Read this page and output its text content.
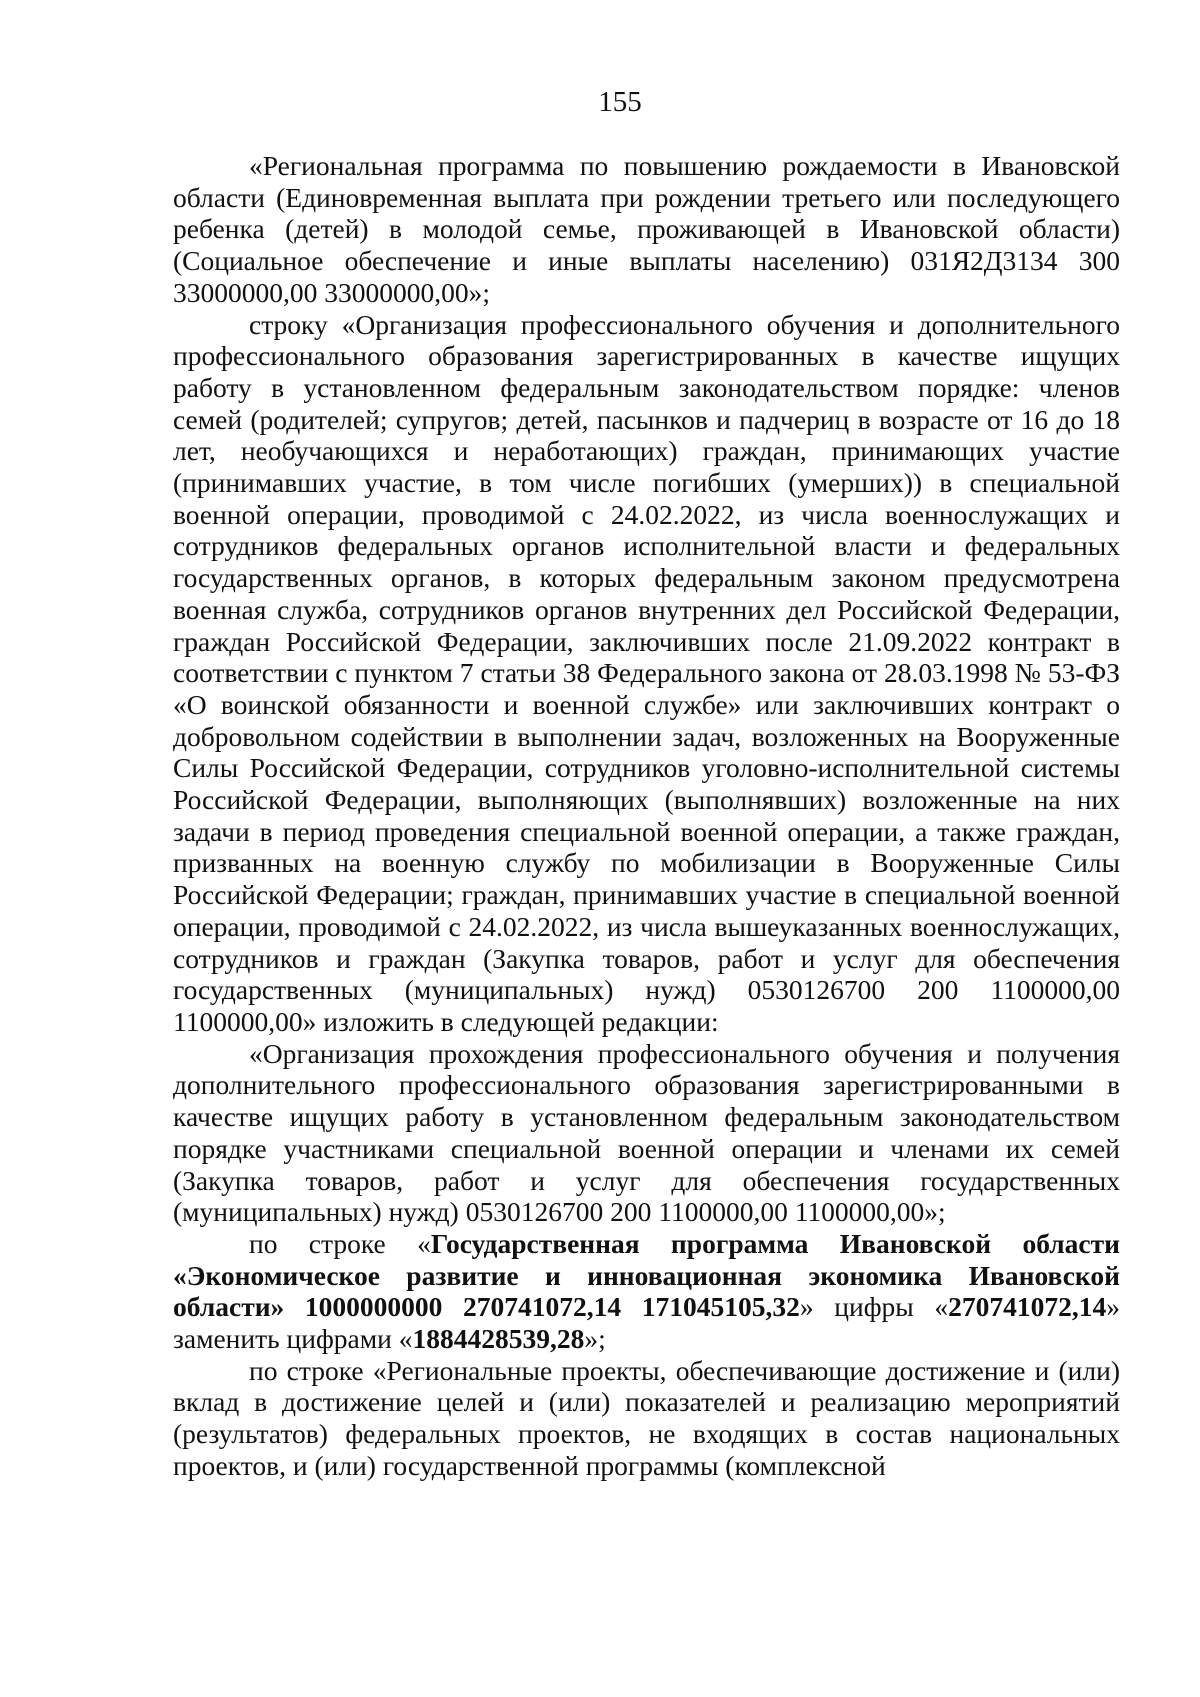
155

«Региональная программа по повышению рождаемости в Ивановской области (Единовременная выплата при рождении третьего или последующего ребенка (детей) в молодой семье, проживающей в Ивановской области) (Социальное обеспечение и иные выплаты населению) 031Я2Д3134 300 33000000,00 33000000,00»;

строку «Организация профессионального обучения и дополнительного профессионального образования зарегистрированных в качестве ищущих работу в установленном федеральным законодательством порядке: членов семей (родителей; супругов; детей, пасынков и падчериц в возрасте от 16 до 18 лет, необучающихся и неработающих) граждан, принимающих участие (принимавших участие, в том числе погибших (умерших)) в специальной военной операции, проводимой с 24.02.2022, из числа военнослужащих и сотрудников федеральных органов исполнительной власти и федеральных государственных органов, в которых федеральным законом предусмотрена военная служба, сотрудников органов внутренних дел Российской Федерации, граждан Российской Федерации, заключивших после 21.09.2022 контракт в соответствии с пунктом 7 статьи 38 Федерального закона от 28.03.1998 № 53-ФЗ «О воинской обязанности и военной службе» или заключивших контракт о добровольном содействии в выполнении задач, возложенных на Вооруженные Силы Российской Федерации, сотрудников уголовно-исполнительной системы Российской Федерации, выполняющих (выполнявших) возложенные на них задачи в период проведения специальной военной операции, а также граждан, призванных на военную службу по мобилизации в Вооруженные Силы Российской Федерации; граждан, принимавших участие в специальной военной операции, проводимой с 24.02.2022, из числа вышеуказанных военнослужащих, сотрудников и граждан (Закупка товаров, работ и услуг для обеспечения государственных (муниципальных) нужд) 0530126700 200 1100000,00 1100000,00» изложить в следующей редакции:

«Организация прохождения профессионального обучения и получения дополнительного профессионального образования зарегистрированными в качестве ищущих работу в установленном федеральным законодательством порядке участниками специальной военной операции и членами их семей (Закупка товаров, работ и услуг для обеспечения государственных (муниципальных) нужд) 0530126700 200 1100000,00 1100000,00»;

по строке «Государственная программа Ивановской области «Экономическое развитие и инновационная экономика Ивановской области» 1000000000 270741072,14 171045105,32» цифры «270741072,14» заменить цифрами «1884428539,28»;

по строке «Региональные проекты, обеспечивающие достижение и (или) вклад в достижение целей и (или) показателей и реализацию мероприятий (результатов) федеральных проектов, не входящих в состав национальных проектов, и (или) государственной программы (комплексной
